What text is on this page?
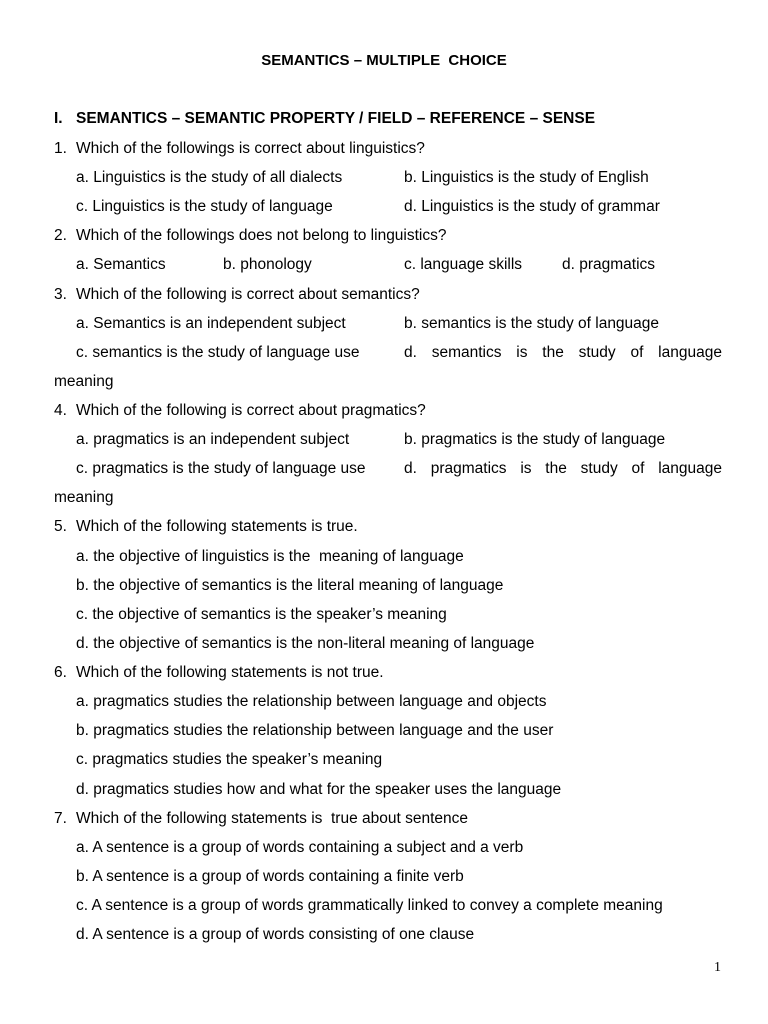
SEMANTICS – MULTIPLE  CHOICE
I. SEMANTICS – SEMANTIC PROPERTY / FIELD – REFERENCE – SENSE
1. Which of the followings is correct about linguistics?
a. Linguistics is the study of all dialects	b. Linguistics is the study of English
c. Linguistics is the study of language	d. Linguistics is the study of grammar
2. Which of the followings does not belong to linguistics?
a. Semantics	b. phonology	c. language skills	d. pragmatics
3. Which of the following is correct about semantics?
a. Semantics is an independent subject	b. semantics is the study of language
c. semantics is the study of language use	d. semantics is the study of language
meaning
4. Which of the following is correct about pragmatics?
a. pragmatics is an independent subject	b. pragmatics is the study of language
c. pragmatics is the study of language use d. pragmatics is the study of language
meaning
5. Which of the following statements is true.
a. the objective of linguistics is the  meaning of language
b. the objective of semantics is the literal meaning of language
c. the objective of semantics is the speaker’s meaning
d. the objective of semantics is the non-literal meaning of language
6. Which of the following statements is not true.
a. pragmatics studies the relationship between language and objects
b. pragmatics studies the relationship between language and the user
c. pragmatics studies the speaker’s meaning
d. pragmatics studies how and what for the speaker uses the language
7. Which of the following statements is  true about sentence
a. A sentence is a group of words containing a subject and a verb
b. A sentence is a group of words containing a finite verb
c. A sentence is a group of words grammatically linked to convey a complete meaning
d. A sentence is a group of words consisting of one clause
1
